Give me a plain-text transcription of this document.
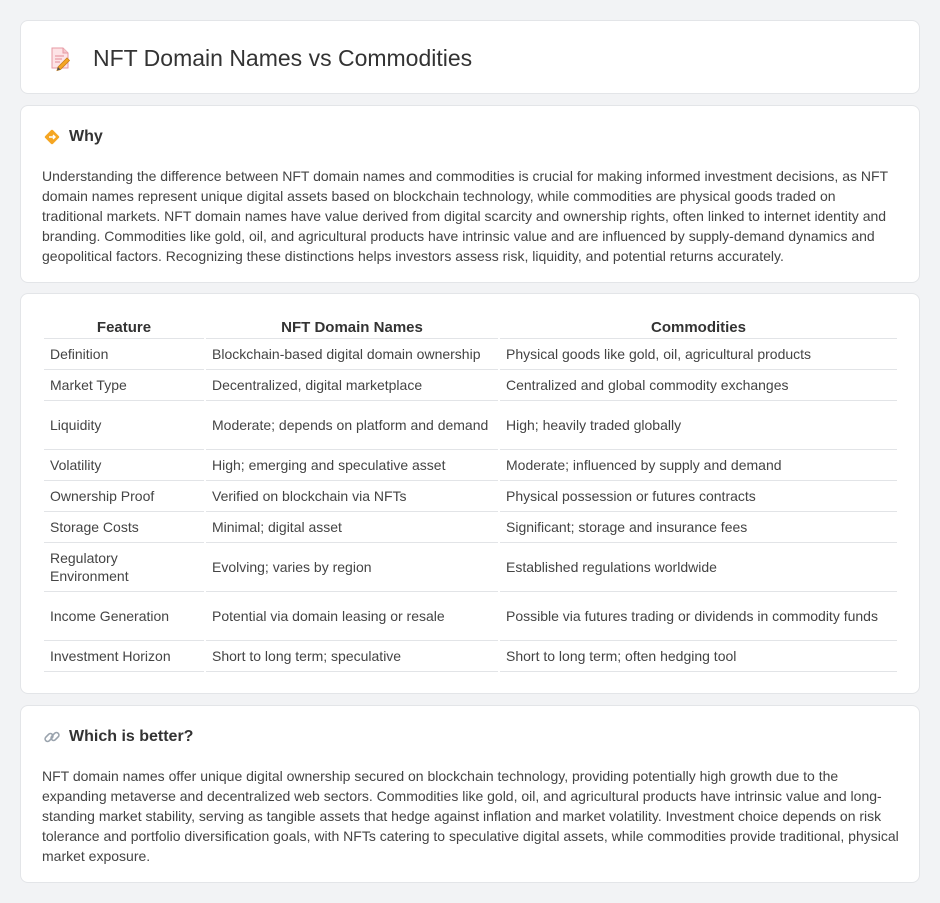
NFT Domain Names vs Commodities
Why

Understanding the difference between NFT domain names and commodities is crucial for making informed investment decisions, as NFT domain names represent unique digital assets based on blockchain technology, while commodities are physical goods traded on traditional markets. NFT domain names have value derived from digital scarcity and ownership rights, often linked to internet identity and branding. Commodities like gold, oil, and agricultural products have intrinsic value and are influenced by supply-demand dynamics and geopolitical factors. Recognizing these distinctions helps investors assess risk, liquidity, and potential returns accurately.

Feature	NFT Domain Names	Commodities
Definition	Blockchain-based digital domain ownership	Physical goods like gold, oil, agricultural products
Market Type	Decentralized, digital marketplace	Centralized and global commodity exchanges
Liquidity	Moderate; depends on platform and demand	High; heavily traded globally
Volatility	High; emerging and speculative asset	Moderate; influenced by supply and demand
Ownership Proof	Verified on blockchain via NFTs	Physical possession or futures contracts
Storage Costs	Minimal; digital asset	Significant; storage and insurance fees
Regulatory Environment	Evolving; varies by region	Established regulations worldwide
Income Generation	Potential via domain leasing or resale	Possible via futures trading or dividends in commodity funds
Investment Horizon	Short to long term; speculative	Short to long term; often hedging tool
Which is better?

NFT domain names offer unique digital ownership secured on blockchain technology, providing potentially high growth due to the expanding metaverse and decentralized web sectors. Commodities like gold, oil, and agricultural products have intrinsic value and long-standing market stability, serving as tangible assets that hedge against inflation and market volatility. Investment choice depends on risk tolerance and portfolio diversification goals, with NFTs catering to speculative digital assets, while commodities provide traditional, physical market exposure.
